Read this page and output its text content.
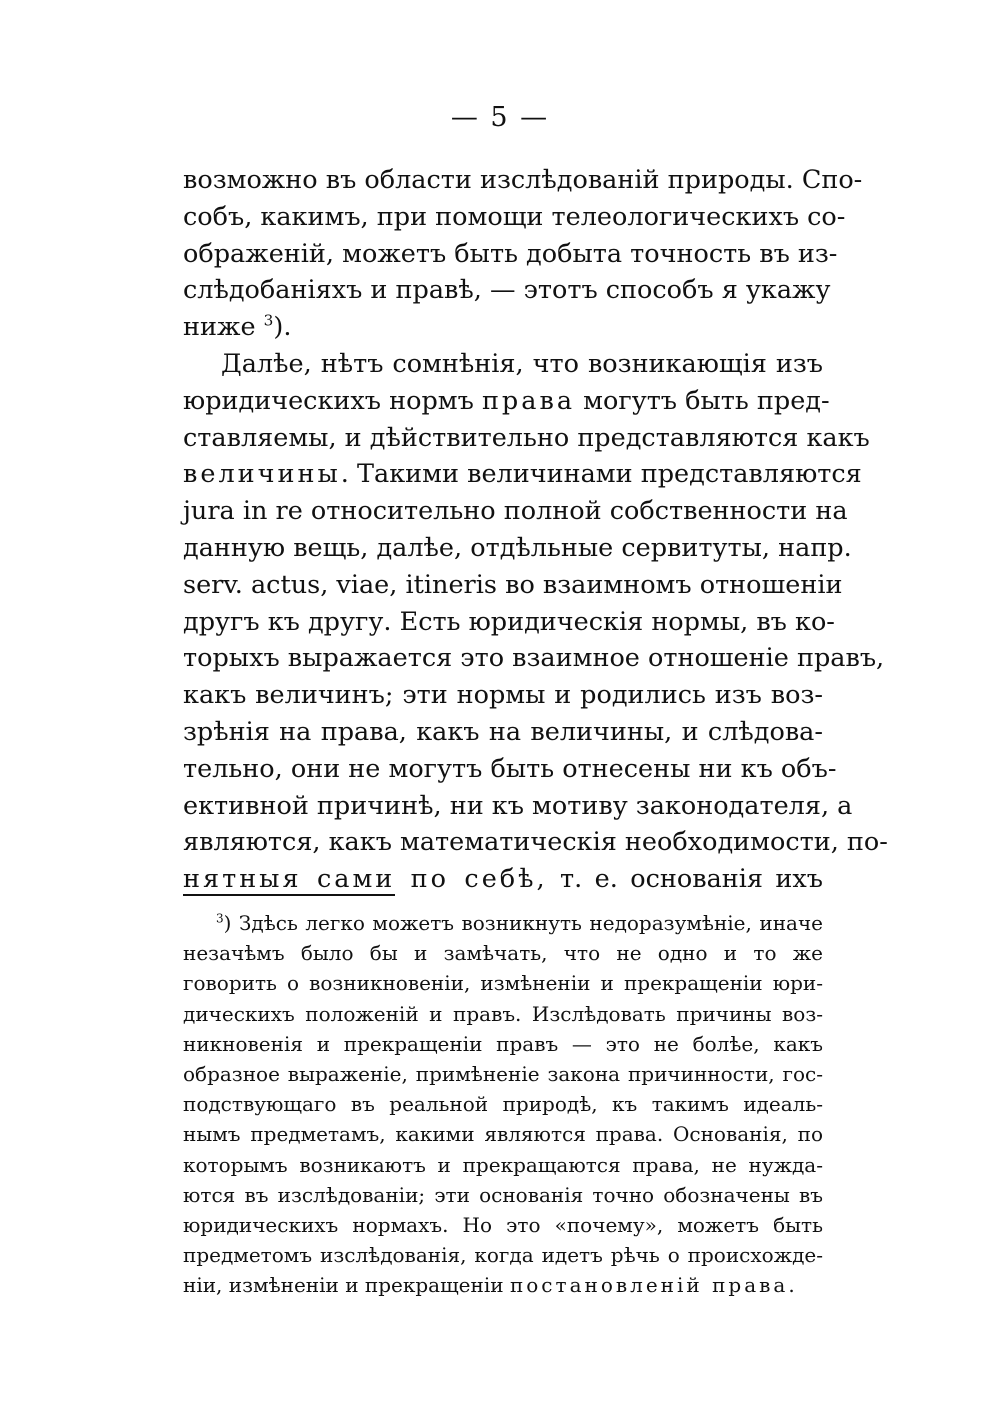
— 5 —
возможно въ области изслѣдованій природы. Спо-
собъ, какимъ, при помощи телеологическихъ со-
ображеній, можетъ быть добыта точность въ из-
слѣдобаніяхъ и правѣ, — этотъ способъ я укажу
ниже $^3$).
Далѣе, нѣтъ сомнѣнія, что возникающія изъ
юридическихъ нормъ права могутъ быть пред-
ставляемы, и дѣйствительно представляются какъ
величины. Такими величинами представляются
jura in re относительно полной собственности на
данную вещь, далѣе, отдѣльные сервитуты, напр.
serv. actus, viae, itineris во взаимномъ отношеніи
другъ къ другу. Есть юридическія нормы, въ ко-
торыхъ выражается это взаимное отношеніе правъ,
какъ величинъ; эти нормы и родились изъ воз-
зрѣнія на права, какъ на величины, и слѣдова-
тельно, они не могутъ быть отнесены ни къ объ-
ективной причинѣ, ни къ мотиву законодателя, а
являются, какъ математическія необходимости, по-
нятныя сами по себѣ, т. е. основанія ихъ
$^3$) Здѣсь легко можетъ возникнуть недоразумѣніе, иначе
незачѣмъ было бы и замѣчать, что не одно и то же
говорить о возникновеніи, измѣненіи и прекращеніи юри-
дическихъ положеній и правъ. Изслѣдовать причины воз-
никновенія и прекращеніи правъ — это не болѣе, какъ
образное выраженіе, примѣненіе закона причинности, гос-
подствующаго въ реальной природѣ, къ такимъ идеаль-
нымъ предметамъ, какими являются права. Основанія, по
которымъ возникаютъ и прекращаются права, не нужда-
ются въ изслѣдованіи; эти основанія точно обозначены въ
юридическихъ нормахъ. Но это «почему», можетъ быть
предметомъ изслѣдованія, когда идетъ рѣчь о происхожде-
ніи, измѣненіи и прекращеніи постановленій права.
